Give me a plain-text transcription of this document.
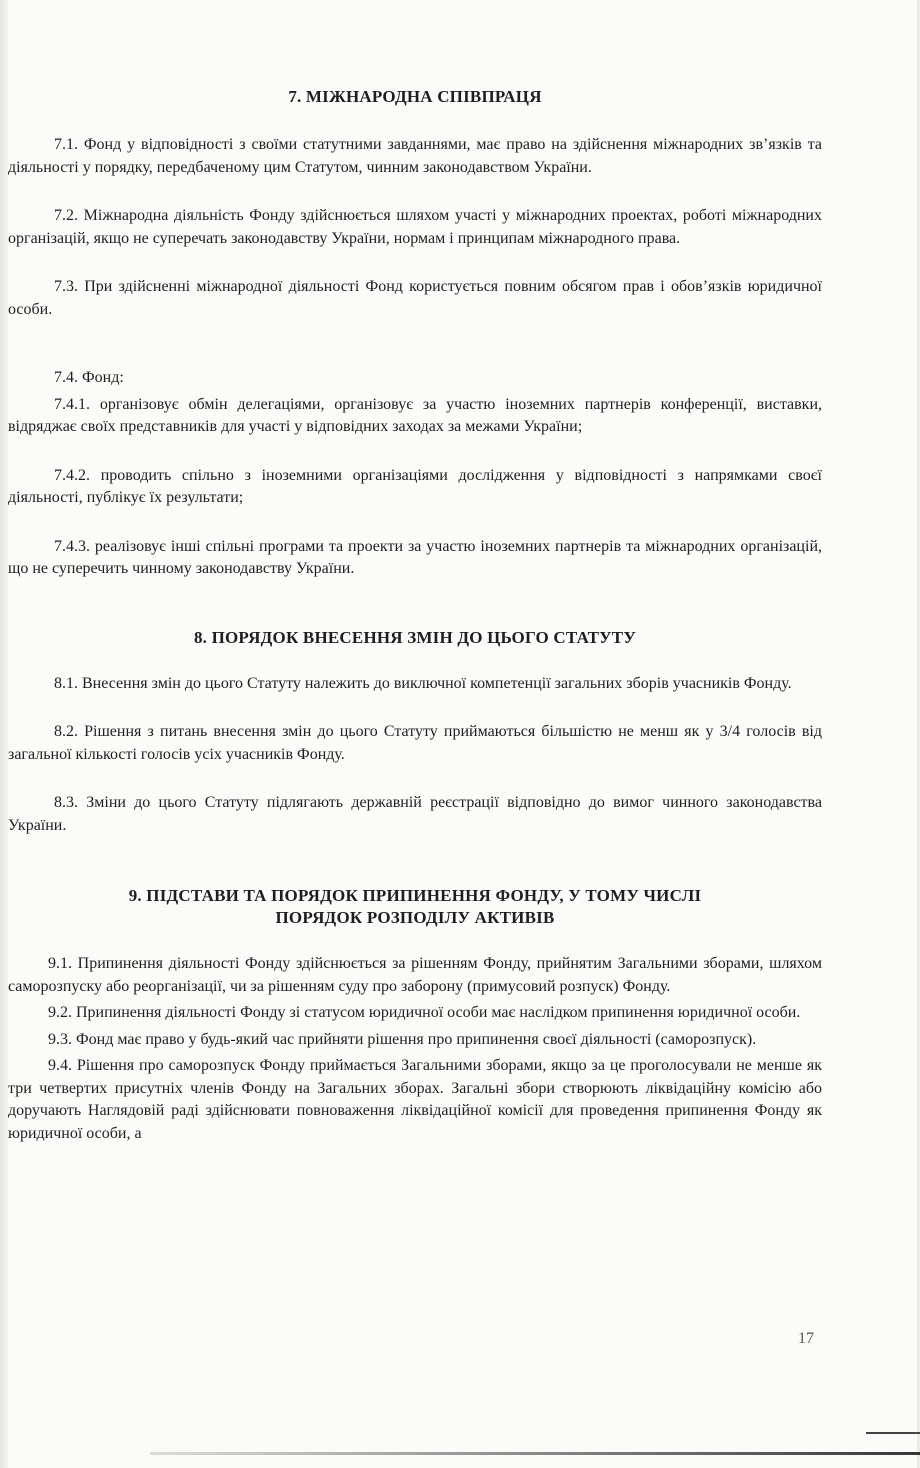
7. МІЖНАРОДНА СПІВПРАЦЯ

7.1. Фонд у відповідності з своїми статутними завданнями, має право на здійснення міжнародних зв’язків та діяльності у порядку, передбаченому цим Статутом, чинним законодавством України.

7.2. Міжнародна діяльність Фонду здійснюється шляхом участі у міжнародних проектах, роботі міжнародних організацій, якщо не суперечать законодавству України, нормам і принципам міжнародного права.

7.3. При здійсненні міжнародної діяльності Фонд користується повним обсягом прав і обов’язків юридичної особи.

7.4. Фонд:

7.4.1. організовує обмін делегаціями, організовує за участю іноземних партнерів конференції, виставки, відряджає своїх представників для участі у відповідних заходах за межами України;

7.4.2. проводить спільно з іноземними організаціями дослідження у відповідності з напрямками своєї діяльності, публікує їх результати;

7.4.3. реалізовує інші спільні програми та проекти за участю іноземних партнерів та міжнародних організацій, що не суперечить чинному законодавству України.

8. ПОРЯДОК ВНЕСЕННЯ ЗМІН ДО ЦЬОГО СТАТУТУ

8.1. Внесення змін до цього Статуту належить до виключної компетенції загальних зборів учасників Фонду.

8.2. Рішення з питань внесення змін до цього Статуту приймаються більшістю не менш як у 3/4 голосів від загальної кількості голосів усіх учасників Фонду.

8.3. Зміни до цього Статуту підлягають державній реєстрації відповідно до вимог чинного законодавства України.

9. ПІДСТАВИ ТА ПОРЯДОК ПРИПИНЕННЯ ФОНДУ, У ТОМУ ЧИСЛІ
ПОРЯДОК РОЗПОДІЛУ АКТИВІВ

9.1. Припинення діяльності Фонду здійснюється за рішенням Фонду, прийнятим Загальними зборами, шляхом саморозпуску або реорганізації, чи за рішенням суду про заборону (примусовий розпуск) Фонду.

9.2. Припинення діяльності Фонду зі статусом юридичної особи має наслідком припинення юридичної особи.

9.3. Фонд має право у будь-який час прийняти рішення про припинення своєї діяльності (саморозпуск).

9.4. Рішення про саморозпуск Фонду приймається Загальними зборами, якщо за це проголосували не менше як три четвертих присутніх членів Фонду на Загальних зборах. Загальні збори створюють ліквідаційну комісію або доручають Наглядовій раді здійснювати повноваження ліквідаційної комісії для проведення припинення Фонду як юридичної особи, а

17
